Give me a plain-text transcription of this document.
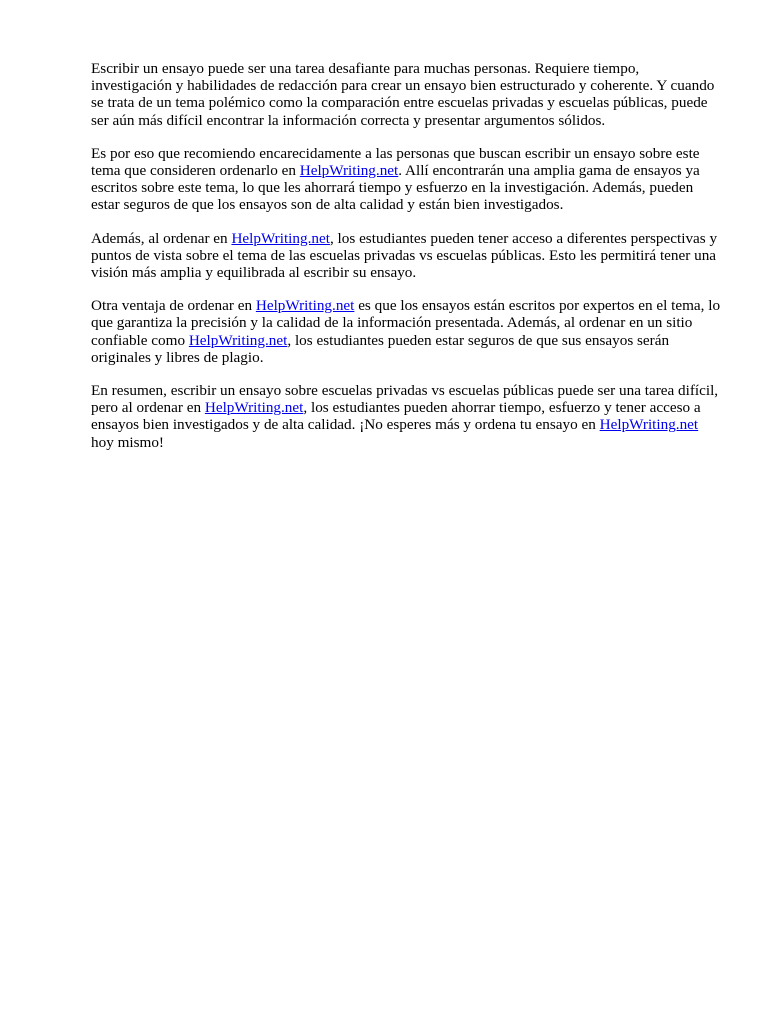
Escribir un ensayo puede ser una tarea desafiante para muchas personas. Requiere tiempo, investigación y habilidades de redacción para crear un ensayo bien estructurado y coherente. Y cuando se trata de un tema polémico como la comparación entre escuelas privadas y escuelas públicas, puede ser aún más difícil encontrar la información correcta y presentar argumentos sólidos.

Es por eso que recomiendo encarecidamente a las personas que buscan escribir un ensayo sobre este tema que consideren ordenarlo en HelpWriting.net. Allí encontrarán una amplia gama de ensayos ya escritos sobre este tema, lo que les ahorrará tiempo y esfuerzo en la investigación. Además, pueden estar seguros de que los ensayos son de alta calidad y están bien investigados.

Además, al ordenar en HelpWriting.net, los estudiantes pueden tener acceso a diferentes perspectivas y puntos de vista sobre el tema de las escuelas privadas vs escuelas públicas. Esto les permitirá tener una visión más amplia y equilibrada al escribir su ensayo.

Otra ventaja de ordenar en HelpWriting.net es que los ensayos están escritos por expertos en el tema, lo que garantiza la precisión y la calidad de la información presentada. Además, al ordenar en un sitio confiable como HelpWriting.net, los estudiantes pueden estar seguros de que sus ensayos serán originales y libres de plagio.

En resumen, escribir un ensayo sobre escuelas privadas vs escuelas públicas puede ser una tarea difícil, pero al ordenar en HelpWriting.net, los estudiantes pueden ahorrar tiempo, esfuerzo y tener acceso a ensayos bien investigados y de alta calidad. ¡No esperes más y ordena tu ensayo en HelpWriting.net hoy mismo!
